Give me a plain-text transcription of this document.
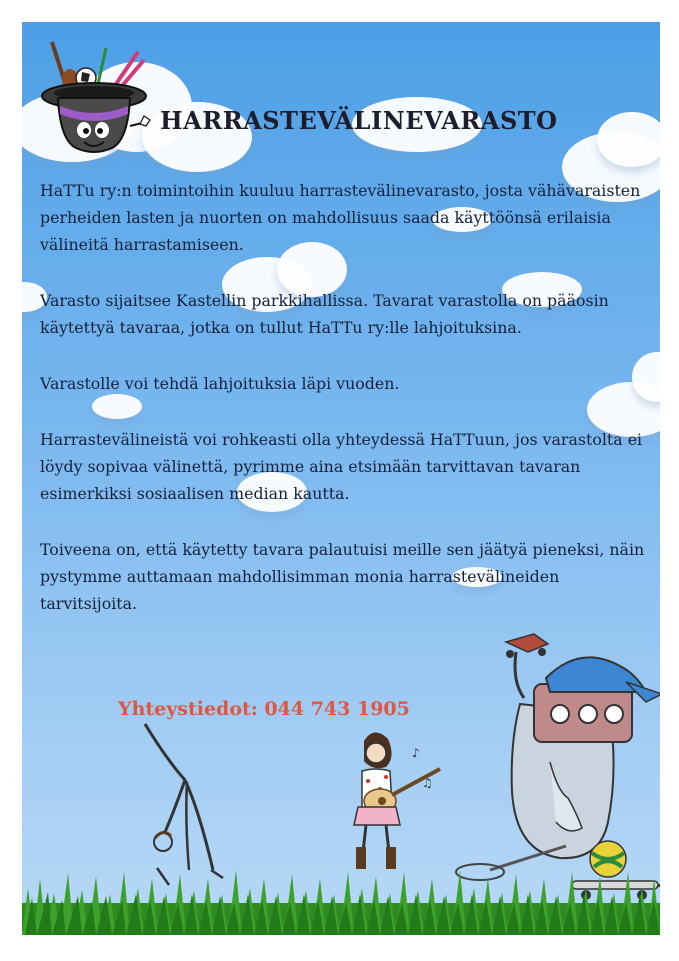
HARRASTEVÄLINEVARASTO

HaTTu ry:n toimintoihin kuuluu harrastevälinevarasto, josta vähävaraisten perheiden lasten ja nuorten on mahdollisuus saada käyttöönsä erilaisia välineitä harrastamiseen.

Varasto sijaitsee Kastellin parkkihallissa. Tavarat varastolla on pääosin käytettyä tavaraa, jotka on tullut HaTTu ry:lle lahjoituksina.

Varastolle voi tehdä lahjoituksia läpi vuoden.

Harrastevälineistä voi rohkeasti olla yhteydessä HaTTuun, jos varastolta ei löydy sopivaa välinettä, pyrimme aina etsimään tarvittavan tavaran esimerkiksi sosiaalisen median kautta.

Toiveena on, että käytetty tavara palautuisi meille sen jäätyä pieneksi, näin pystymme auttamaan mahdollisimman monia harrastevälineiden tarvitsijoita.

Yhteystiedot: 044 743 1905

♪
♫
